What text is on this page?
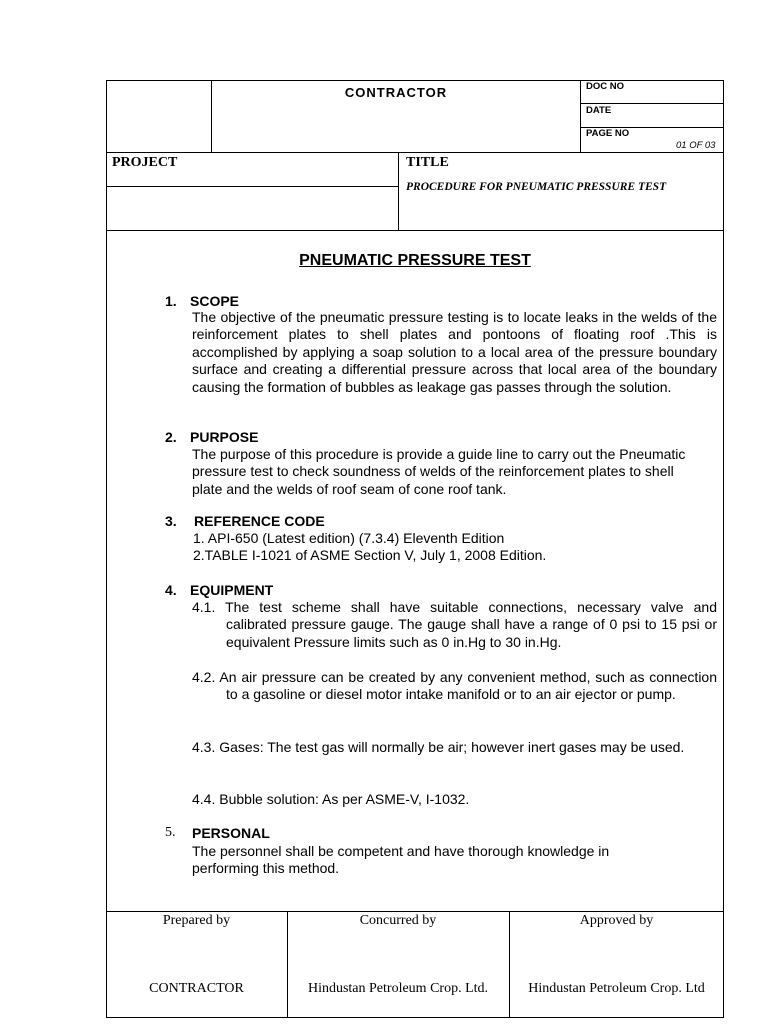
CONTRACTOR	DOC NO
DATE
PAGE NO
01 OF 03
PROJECT	TITLE
PROCEDURE FOR PNEUMATIC PRESSURE TEST
PNEUMATIC PRESSURE TEST
1. SCOPE
The objective of the pneumatic pressure testing is to locate leaks in the welds of the reinforcement plates to shell plates and pontoons of floating roof .This is accomplished by applying a soap solution to a local area of the pressure boundary surface and creating a differential pressure across that local area of the boundary causing the formation of bubbles as leakage gas passes through the solution.
2. PURPOSE
The purpose of this procedure is provide a guide line to carry out the Pneumatic pressure test to check soundness of welds of the reinforcement plates to shell plate and the welds of roof seam of cone roof tank.
3. REFERENCE CODE
1. API-650 (Latest edition) (7.3.4) Eleventh Edition
2.TABLE I-1021 of ASME Section V, July 1, 2008 Edition.
4. EQUIPMENT
4.1. The test scheme shall have suitable connections, necessary valve and calibrated pressure gauge. The gauge shall have a range of 0 psi to 15 psi or equivalent Pressure limits such as 0 in.Hg to 30 in.Hg.
4.2. An air pressure can be created by any convenient method, such as connection to a gasoline or diesel motor intake manifold or to an air ejector or pump.
4.3. Gases: The test gas will normally be air; however inert gases may be used.
4.4. Bubble solution: As per ASME-V, I-1032.
5. PERSONAL
The personnel shall be competent and have thorough knowledge in performing this method.
Prepared by	Concurred by	Approved by
CONTRACTOR	Hindustan Petroleum Crop. Ltd.	Hindustan Petroleum Crop. Ltd
